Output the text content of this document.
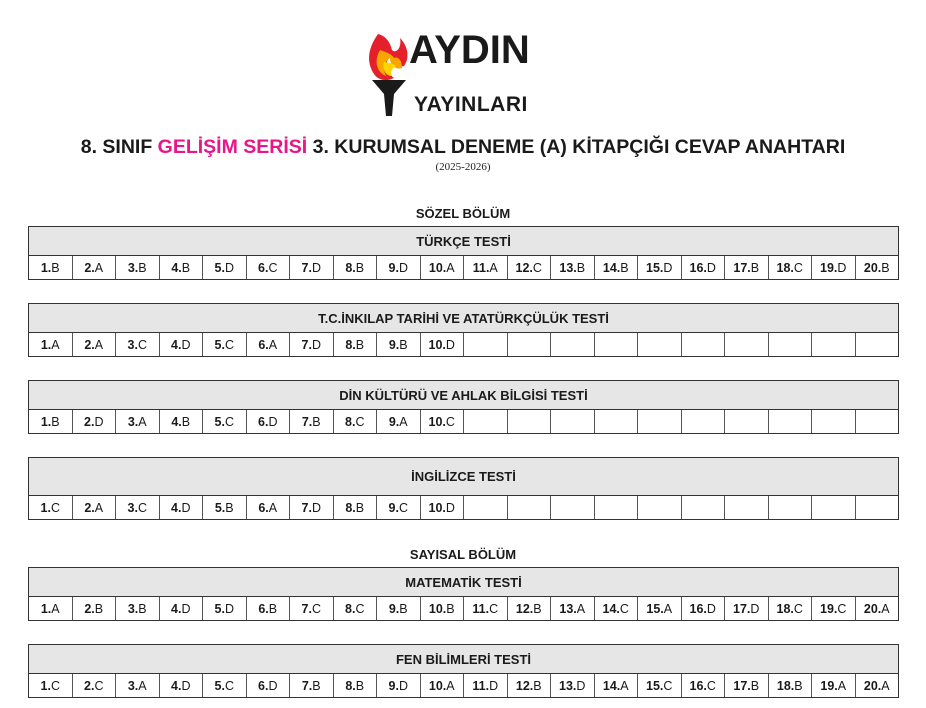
AYDIN
YAYINLARI
8. SINIF GELİŞİM SERİSİ 3. KURUMSAL DENEME (A) KİTAPÇIĞI CEVAP ANAHTARI
(2025-2026)
SÖZEL BÖLÜM
SAYISAL BÖLÜM
TÜRKÇE TESTİ
1. B 2. A 3. B 4. B 5. D 6. C 7. D 8. B 9. D 10. A 11. A 12. C 13. B 14. B 15. D 16. D 17. B 18. C 19. D 20. B
T.C.İNKILAP TARİHİ VE ATATÜRKÇÜLÜK TESTİ
1. A 2. A 3. C 4. D 5. C 6. A 7. D 8. B 9. B 10. D
DİN KÜLTÜRÜ VE AHLAK BİLGİSİ TESTİ
1. B 2. D 3. A 4. B 5. C 6. D 7. B 8. C 9. A 10. C
İNGİLİZCE TESTİ
1. C 2. A 3. C 4. D 5. B 6. A 7. D 8. B 9. C 10. D
MATEMATİK TESTİ
1. A 2. B 3. B 4. D 5. D 6. B 7. C 8. C 9. B 10. B 11. C 12. B 13. A 14. C 15. A 16. D 17. D 18. C 19. C 20. A
FEN BİLİMLERİ TESTİ
1. C 2. C 3. A 4. D 5. C 6. D 7. B 8. B 9. D 10. A 11. D 12. B 13. D 14. A 15. C 16. C 17. B 18. B 19. A 20. A
